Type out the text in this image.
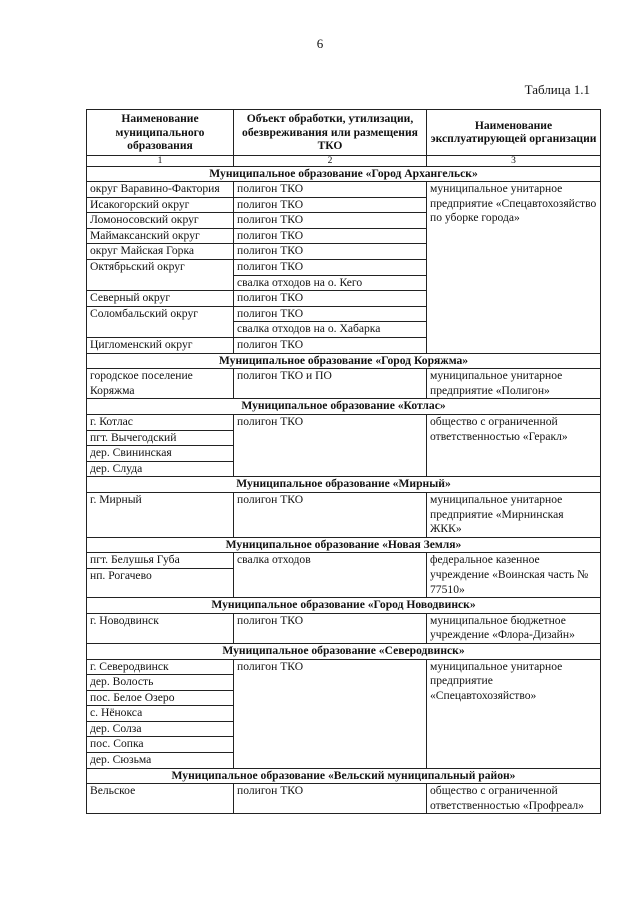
6
Таблица 1.1
Наименование муниципального образования	Объект обработки, утилизации, обезвреживания или размещения ТКО	Наименование эксплуатирующей организации
1	2	3
Муниципальное образование «Город Архангельск»		
округ Варавино-Фактория	полигон ТКО	муниципальное унитарное предприятие «Спецавтохозяйство по уборке города»
Исакогорский округ	полигон ТКО	
Ломоносовский округ	полигон ТКО	
Маймаксанский округ	полигон ТКО	
округ Майская Горка	полигон ТКО	
Октябрьский округ	полигон ТКО	
	свалка отходов на о. Кего	
Северный округ	полигон ТКО	
Соломбальский округ	полигон ТКО	
	свалка отходов на о. Хабарка	
Цигломенский округ	полигон ТКО	
Муниципальное образование «Город Коряжма»		
городское поселение Коряжма	полигон ТКО и ПО	муниципальное унитарное предприятие «Полигон»
Муниципальное образование «Котлас»		
г. Котлас	полигон ТКО	общество с ограниченной ответственностью «Геракл»
пгт. Вычегодский		
дер. Свининская		
дер. Слуда		
Муниципальное образование «Мирный»		
г. Мирный	полигон ТКО	муниципальное унитарное предприятие «Мирнинская ЖКК»
Муниципальное образование «Новая Земля»		
пгт. Белушья Губа	свалка отходов	федеральное казенное учреждение «Воинская часть № 77510»
нп. Рогачево		
Муниципальное образование «Город Новодвинск»		
г. Новодвинск	полигон ТКО	муниципальное бюджетное учреждение «Флора-Дизайн»
Муниципальное образование «Северодвинск»		
г. Северодвинск	полигон ТКО	муниципальное унитарное предприятие «Спецавтохозяйство»
дер. Волость		
пос. Белое Озеро		
с. Нёнокса		
дер. Солза		
пос. Сопка		
дер. Сюзьма		
Муниципальное образование «Вельский муниципальный район»		
Вельское	полигон ТКО	общество с ограниченной ответственностью «Профреал»
